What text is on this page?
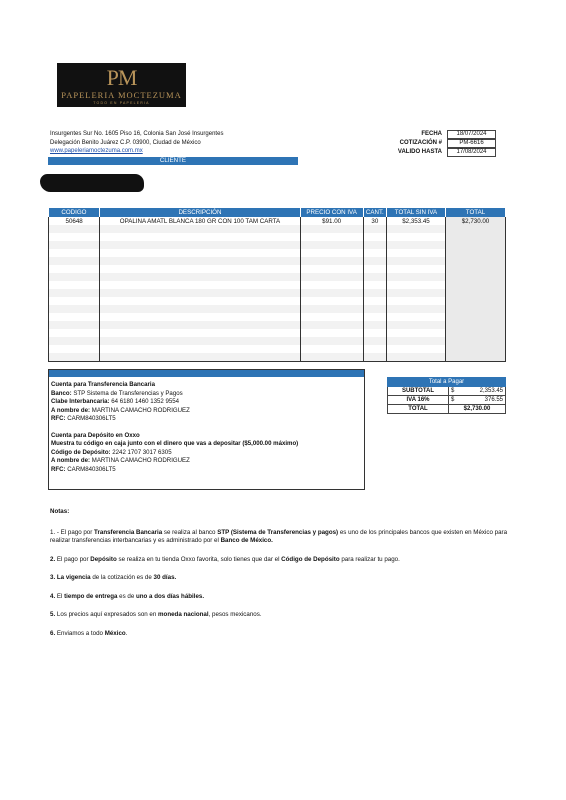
PM
PAPELERIA MOCTEZUMA
TODO EN PAPELERIA
Insurgentes Sur No. 1605 Piso 16, Colonia San José Insurgentes
Delegación Benito Juárez C.P. 03900, Ciudad de México
www.papeleriamoctezuma.com.mx
FECHA	18/07/2024
COTIZACIÓN #	PM-6616
VALIDO HASTA	17/08/2024
CLIENTE
CODIGO	DESCRIPCIÓN	PRECIO CON IVA	CANT.	TOTAL SIN IVA	TOTAL
50648	OPALINA AMATL BLANCA 180 GR CON 100 TAM CARTA	$91.00	30	$2,353.45	$2,730.00

Cuenta para Transferencia Bancaria
Banco: STP Sistema de Transferencias y Pagos
Clabe Interbancaria: 64 6180 1460 1352 9554
A nombre de: MARTINA CAMACHO RODRIGUEZ
RFC: CARM840306LT5
Cuenta para Depósito en Oxxo
Muestra tu código en caja junto con el dinero que vas a depositar ($5,000.00 máximo)
Código de Depósito: 2242 1707 3017 6305
A nombre de: MARTINA CAMACHO RODRIGUEZ
RFC: CARM840306LT5
Total a Pagar		
SUBTOTAL	$	2,353.45
IVA 16%	$	376.55
TOTAL	$2,730.00	

Notas:

1. - El pago por Transferencia Bancaria se realiza al banco STP (Sistema de Transferencias y pagos) es uno de los principales bancos que existen en México para realizar transferencias interbancarias y es administrado por el Banco de México.

2. El pago por Depósito se realiza en tu tienda Oxxo favorita, solo tienes que dar el Código de Depósito para realizar tu pago.

3. La vigencia de la cotización es de 30 días.

4. El tiempo de entrega es de uno a dos días hábiles.

5. Los precios aquí expresados son en moneda nacional, pesos mexicanos.

6. Enviamos a todo México.
